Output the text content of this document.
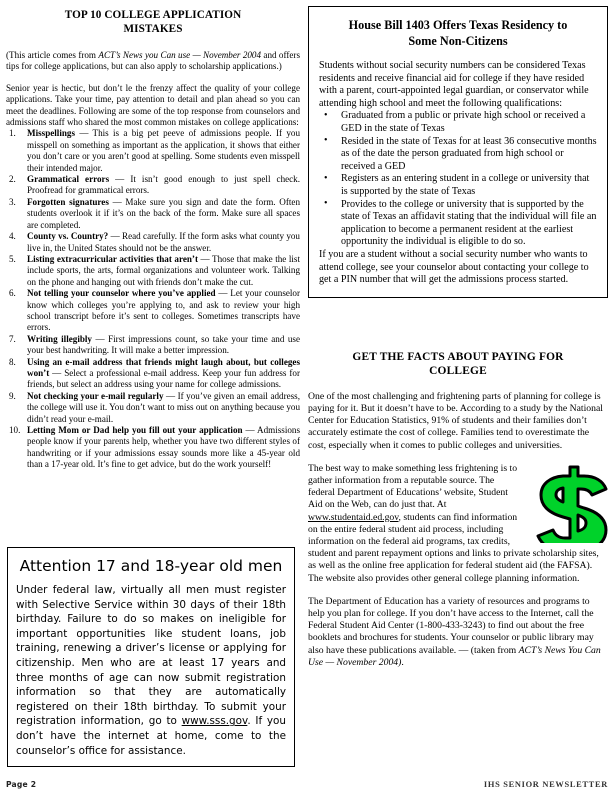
TOP 10 COLLEGE APPLICATION
MISTAKES

(This article comes from ACT’s News you Can use — November 2004 and offers tips for college applications, but can also apply to scholarship applications.)

Senior year is hectic, but don’t le the frenzy affect the quality of your college applications. Take your time, pay attention to detail and plan ahead so you can meet the deadlines. Following are some of the top response from counselors and admissions staff who shared the most common mistakes on college applications:

1.	Misspellings — This is a big pet peeve of admissions people. If you misspell on something as important as the application, it shows that either you don’t care or you aren’t good at spelling. Some students even misspell their intended major.
2.	Grammatical errors — It isn’t good enough to just spell check. Proofread for grammatical errors.
3.	Forgotten signatures — Make sure you sign and date the form. Often students overlook it if it’s on the back of the form. Make sure all spaces are completed.
4.	County vs. Country? — Read carefully. If the form asks what county you live in, the United States should not be the answer.
5.	Listing extracurricular activities that aren’t — Those that make the list include sports, the arts, formal organizations and volunteer work. Talking on the phone and hanging out with friends don’t make the cut.
6.	Not telling your counselor where you’ve applied — Let your counselor know which colleges you’re applying to, and ask to review your high school transcript before it’s sent to colleges. Sometimes transcripts have errors.
7.	Writing illegibly — First impressions count, so take your time and use your best handwriting. It will make a better impression.
8.	Using an e-mail address that friends might laugh about, but colleges won’t — Select a professional e-mail address. Keep your fun address for friends, but select an address using your name for college admissions.
9.	Not checking your e-mail regularly — If you’ve given an email address, the college will use it. You don’t want to miss out on anything because you didn’t read your e-mail.
10. Letting Mom or Dad help you fill out your application — Admissions people know if your parents help, whether you have two different styles of handwriting or if your admissions essay sounds more like a 45-year old than a 17-year old. It’s fine to get advice, but do the work yourself!
Attention 17 and 18-year old men
Under federal law, virtually all men must register with Selective Service within 30 days of their 18th birthday. Failure to do so makes on ineligible for important opportunities like student loans, job training, renewing a driver’s license or applying for citizenship. Men who are at least 17 years and three months of age can now submit registration information so that they are automatically registered on their 18th birthday. To submit your registration information, go to www.sss.gov. If you don’t have the internet at home, come to the counselor’s office for assistance.
House Bill 1403 Offers Texas Residency to
Some Non-Citizens
Students without social security numbers can be considered Texas residents and receive financial aid for college if they have resided with a parent, court-appointed legal guardian, or conservator while attending high school and meet the following qualifications:
• Graduated from a public or private high school or received a GED in the state of Texas
• Resided in the state of Texas for at least 36 consecutive months as of the date the person graduated from high school or received a GED
• Registers as an entering student in a college or university that is supported by the state of Texas
• Provides to the college or university that is supported by the state of Texas an affidavit stating that the individual will file an application to become a permanent resident at the earliest opportunity the individual is eligible to do so.
If you are a student without a social security number who wants to attend college, see your counselor about contacting your college to get a PIN number that will get the admissions process started.
GET THE FACTS ABOUT PAYING FOR
COLLEGE

One of the most challenging and frightening parts of planning for college is paying for it. But it doesn’t have to be. According to a study by the National Center for Education Statistics, 91% of students and their families don’t accurately estimate the cost of college. Families tend to overestimate the cost, especially when it comes to public colleges and universities.

The best way to make something less frightening is to gather information from a reputable source. The federal Department of Educations’ website, Student Aid on the Web, can do just that. At www.studentaid.ed.gov, students can find information on the entire federal student aid process, including information on the federal aid programs, tax credits, student and parent repayment options and links to private scholarship sites, as well as the online free application for federal student aid (the FAFSA). The website also provides other general college planning information.

The Department of Education has a variety of resources and programs to help you plan for college. If you don’t have access to the Internet, call the Federal Student Aid Center (1-800-433-3243) to find out about the free booklets and brochures for students. Your counselor or public library may also have these publications available. — (taken from ACT’s News You Can Use — November 2004).

Page 2	IHS SENIOR NEWSLETTER
